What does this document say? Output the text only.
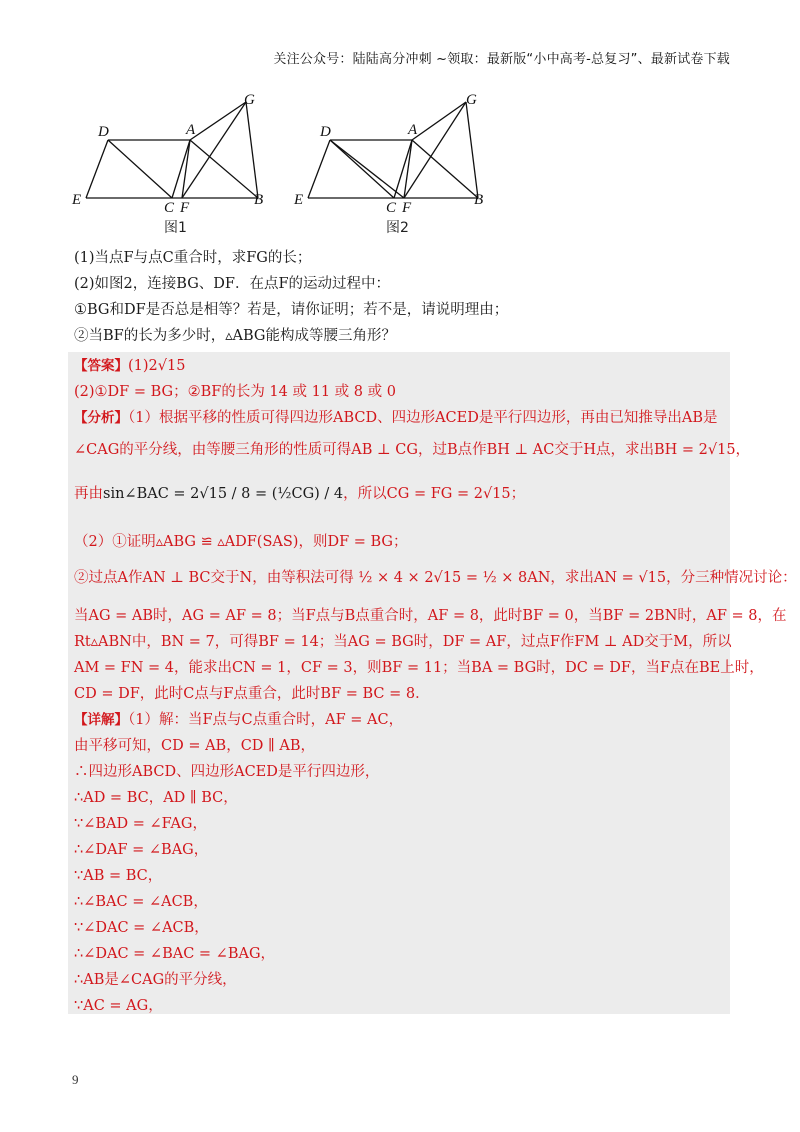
关注公众号：陆陆高分冲刺 ~领取：最新版“小中高考-总复习”、最新试卷下载
D	A
G
E	C F	B
图1
D	A
G
E	C F	B
图2
(1)当点F与点C重合时，求FG的长；
(2)如图2，连接BG、DF．在点F的运动过程中：
①BG和DF是否总是相等？若是，请你证明；若不是，请说明理由；
②当BF的长为多少时，▵ABG能构成等腰三角形？
【答案】(1)2√15
(2)①DF = BG；②BF的长为 14 或 11 或 8 或 0
【分析】（1）根据平移的性质可得四边形ABCD、四边形ACED是平行四边形，再由已知推导出AB是
∠CAG的平分线，由等腰三角形的性质可得AB ⊥ CG，过B点作BH ⊥ AC交于H点，求出BH = 2√15，
再由sin∠BAC = 2√15 / 8 = (½CG) / 4，所以CG = FG = 2√15；
（2）①证明▵ABG ≌ ▵ADF(SAS)，则DF = BG；
②过点A作AN ⊥ BC交于N，由等积法可得 ½ × 4 × 2√15 = ½ × 8AN，求出AN = √15，分三种情况讨论：
当AG = AB时，AG = AF = 8；当F点与B点重合时，AF = 8，此时BF = 0，当BF = 2BN时，AF = 8，在
Rt▵ABN中，BN = 7，可得BF = 14；当AG = BG时，DF = AF，过点F作FM ⊥ AD交于M，所以
AM = FN = 4，能求出CN = 1，CF = 3，则BF = 11；当BA = BG时，DC = DF，当F点在BE上时，
CD = DF，此时C点与F点重合，此时BF = BC = 8．
【详解】（1）解：当F点与C点重合时，AF = AC，
由平移可知，CD = AB，CD ∥ AB，
∴四边形ABCD、四边形ACED是平行四边形，
∴AD = BC，AD ∥ BC，
∵∠BAD = ∠FAG，
∴∠DAF = ∠BAG，
∵AB = BC，
∴∠BAC = ∠ACB，
∵∠DAC = ∠ACB，
∴∠DAC = ∠BAC = ∠BAG，
∴AB是∠CAG的平分线，
∵AC = AG，
9
